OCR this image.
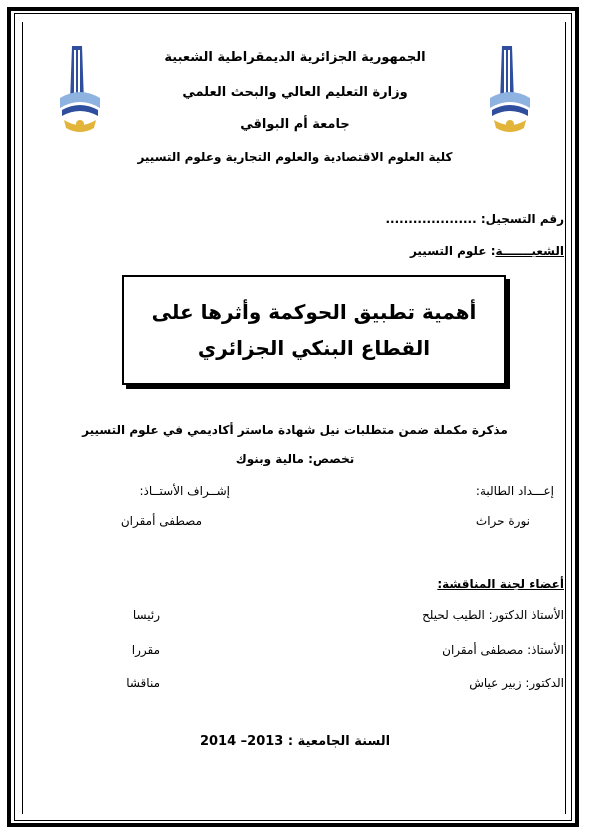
الجمهورية الجزائرية الديمقراطية الشعبية
وزارة التعليم العالي والبحث العلمي
جامعة أم البواقي
كلية العلوم الاقتصادية والعلوم التجارية وعلوم التسيير
رقم التسجيل: ....................
الشعبـــــــة: علوم التسيير
أهمية تطبيق الحوكمة وأثرها على
القطاع البنكي الجزائري
مذكرة مكملة ضمن متطلبات نيل شهادة ماستر أكاديمي في علوم التسيير
تخصص: مالية وبنوك
إعـــداد الطالبة:
إشــراف الأستــاذ:
نورة حراث
مصطفى أمقران
أعضاء لجنة المناقشة:
الأستاذ الدكتور: الطيب لحيلح
رئيسا
الأستاذ: مصطفى أمقران
مقررا
الدكتور: زبير عياش
مناقشا
السنة الجامعية : 2013– 2014
